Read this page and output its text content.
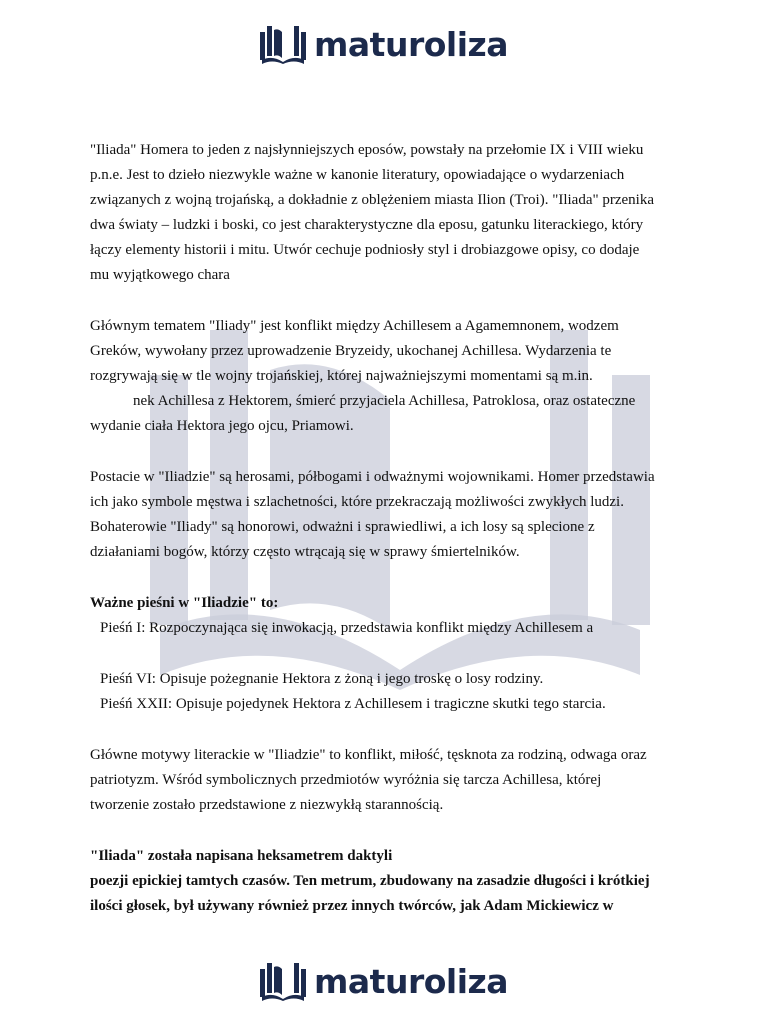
maturoliza

"Iliada" Homera to jeden z najsłynniejszych eposów, powstały na przełomie IX i VIII wieku

p.n.e. Jest to dzieło niezwykle ważne w kanonie literatury, opowiadające o wydarzeniach

związanych z wojną trojańską, a dokładnie z oblężeniem miasta Ilion (Troi). "Iliada" przenika

dwa światy – ludzki i boski, co jest charakterystyczne dla eposu, gatunku literackiego, który

łączy elementy historii i mitu. Utwór cechuje podniosły styl i drobiazgowe opisy, co dodaje

mu wyjątkowego chara

Głównym tematem "Iliady" jest konflikt między Achillesem a Agamemnonem, wodzem

Greków, wywołany przez uprowadzenie Bryzeidy, ukochanej Achillesa. Wydarzenia te

rozgrywają się w tle wojny trojańskiej, której najważniejszymi momentami są m.in.

nek Achillesa z Hektorem, śmierć przyjaciela Achillesa, Patroklosa, oraz ostateczne

wydanie ciała Hektora jego ojcu, Priamowi.

Postacie w "Iliadzie" są herosami, półbogami i odważnymi wojownikami. Homer przedstawia

ich jako symbole męstwa i szlachetności, które przekraczają możliwości zwykłych ludzi.

Bohaterowie "Iliady" są honorowi, odważni i sprawiedliwi, a ich losy są splecione z

działaniami bogów, którzy często wtrącają się w sprawy śmiertelników.

Ważne pieśni w "Iliadzie" to:

Pieśń I: Rozpoczynająca się inwokacją, przedstawia konflikt między Achillesem a

Pieśń VI: Opisuje pożegnanie Hektora z żoną i jego troskę o losy rodziny.

Pieśń XXII: Opisuje pojedynek Hektora z Achillesem i tragiczne skutki tego starcia.

Główne motywy literackie w "Iliadzie" to konflikt, miłość, tęsknota za rodziną, odwaga oraz

patriotyzm. Wśród symbolicznych przedmiotów wyróżnia się tarcza Achillesa, której

tworzenie zostało przedstawione z niezwykłą starannością.

"Iliada" została napisana heksametrem daktyli

poezji epickiej tamtych czasów. Ten metrum, zbudowany na zasadzie długości i krótkiej

ilości głosek, był używany również przez innych twórców, jak Adam Mickiewicz w

maturoliza
